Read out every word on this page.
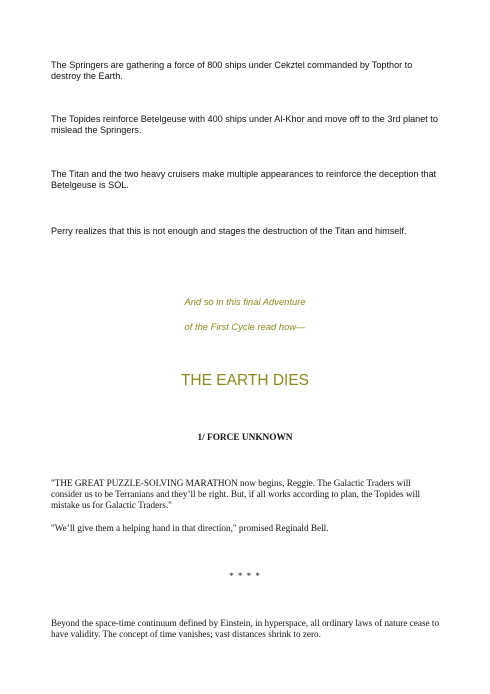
The Springers are gathering a force of 800 ships under Cekztel commanded by Topthor to destroy the Earth.

The Topides reinforce Betelgeuse with 400 ships under Al-Khor and move off to the 3rd planet to mislead the Springers.

The Titan and the two heavy cruisers make multiple appearances to reinforce the deception that Betelgeuse is SOL.

Perry realizes that this is not enough and stages the destruction of the Titan and himself.

And so in this final Adventure
of the First Cycle read how—
THE EARTH DIES
1/ FORCE UNKNOWN

"THE GREAT PUZZLE-SOLVING MARATHON now begins, Reggie. The Galactic Traders will consider us to be Terranians and they’ll be right. But, if all works according to plan, the Topides will mistake us for Galactic Traders."

"We’ll give them a helping hand in that direction," promised Reginald Bell.

* * * *

Beyond the space-time continuum defined by Einstein, in hyperspace, all ordinary laws of nature cease to have validity. The concept of time vanishes; vast distances shrink to zero.
